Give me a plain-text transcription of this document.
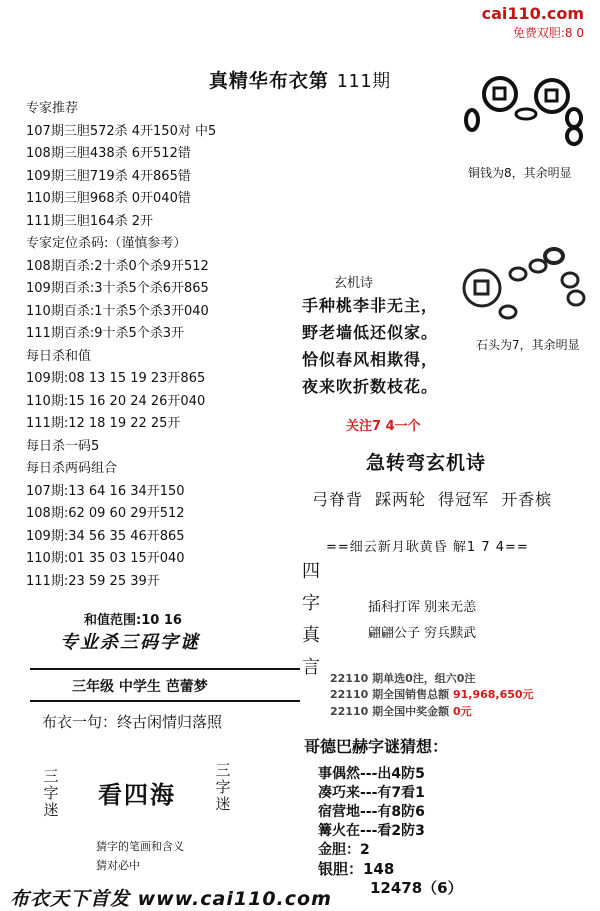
cai110.com
免费双胆:8 0
真精华布衣第 111期
专家推荐
107期三胆572杀 4开150对 中5
108期三胆438杀 6开512错
109期三胆719杀 4开865错
110期三胆968杀 0开040错
111期三胆164杀 2开
专家定位杀码:（谨慎参考）
108期百杀:2十杀0个杀9开512
109期百杀:3十杀5个杀6开865
110期百杀:1十杀5个杀3开040
111期百杀:9十杀5个杀3开
每日杀和值
109期:08 13 15 19 23开865
110期:15 16 20 24 26开040
111期:12 18 19 22 25开
每日杀一码5
每日杀两码组合
107期:13 64 16 34开150
108期:62 09 60 29开512
109期:34 56 35 46开865
110期:01 35 03 15开040
111期:23 59 25 39开
和值范围:10 16
专业杀三码字谜
三年级 中学生 芭蕾梦
布衣一句：终古闲情归落照
三字迷
看四海
三字迷
猜字的笔画和含义
猜对必中
布衣天下首发 www.cai110.com
铜钱为8，其余明显
石头为7，其余明显
玄机诗
手种桃李非无主，
野老墙低还似家。
恰似春风相欺得，
夜来吹折数枝花。
关注7 4一个
急转弯玄机诗
弓脊背 踩两轮 得冠军 开香槟
==细云新月耿黄昏 解1 7 4==
四
字
真
言
插科打诨 别来无恙
翩翩公子 穷兵黩武
22110 期单选0注，组六0注
22110 期全国销售总额 91,968,650元
22110 期全国中奖金额 0元
哥德巴赫字谜猜想：
事偶然---出4防5
凑巧来---有7看1
宿营地---有8防6
篝火在---看2防3
金胆：2
银胆：148
12478（6）
